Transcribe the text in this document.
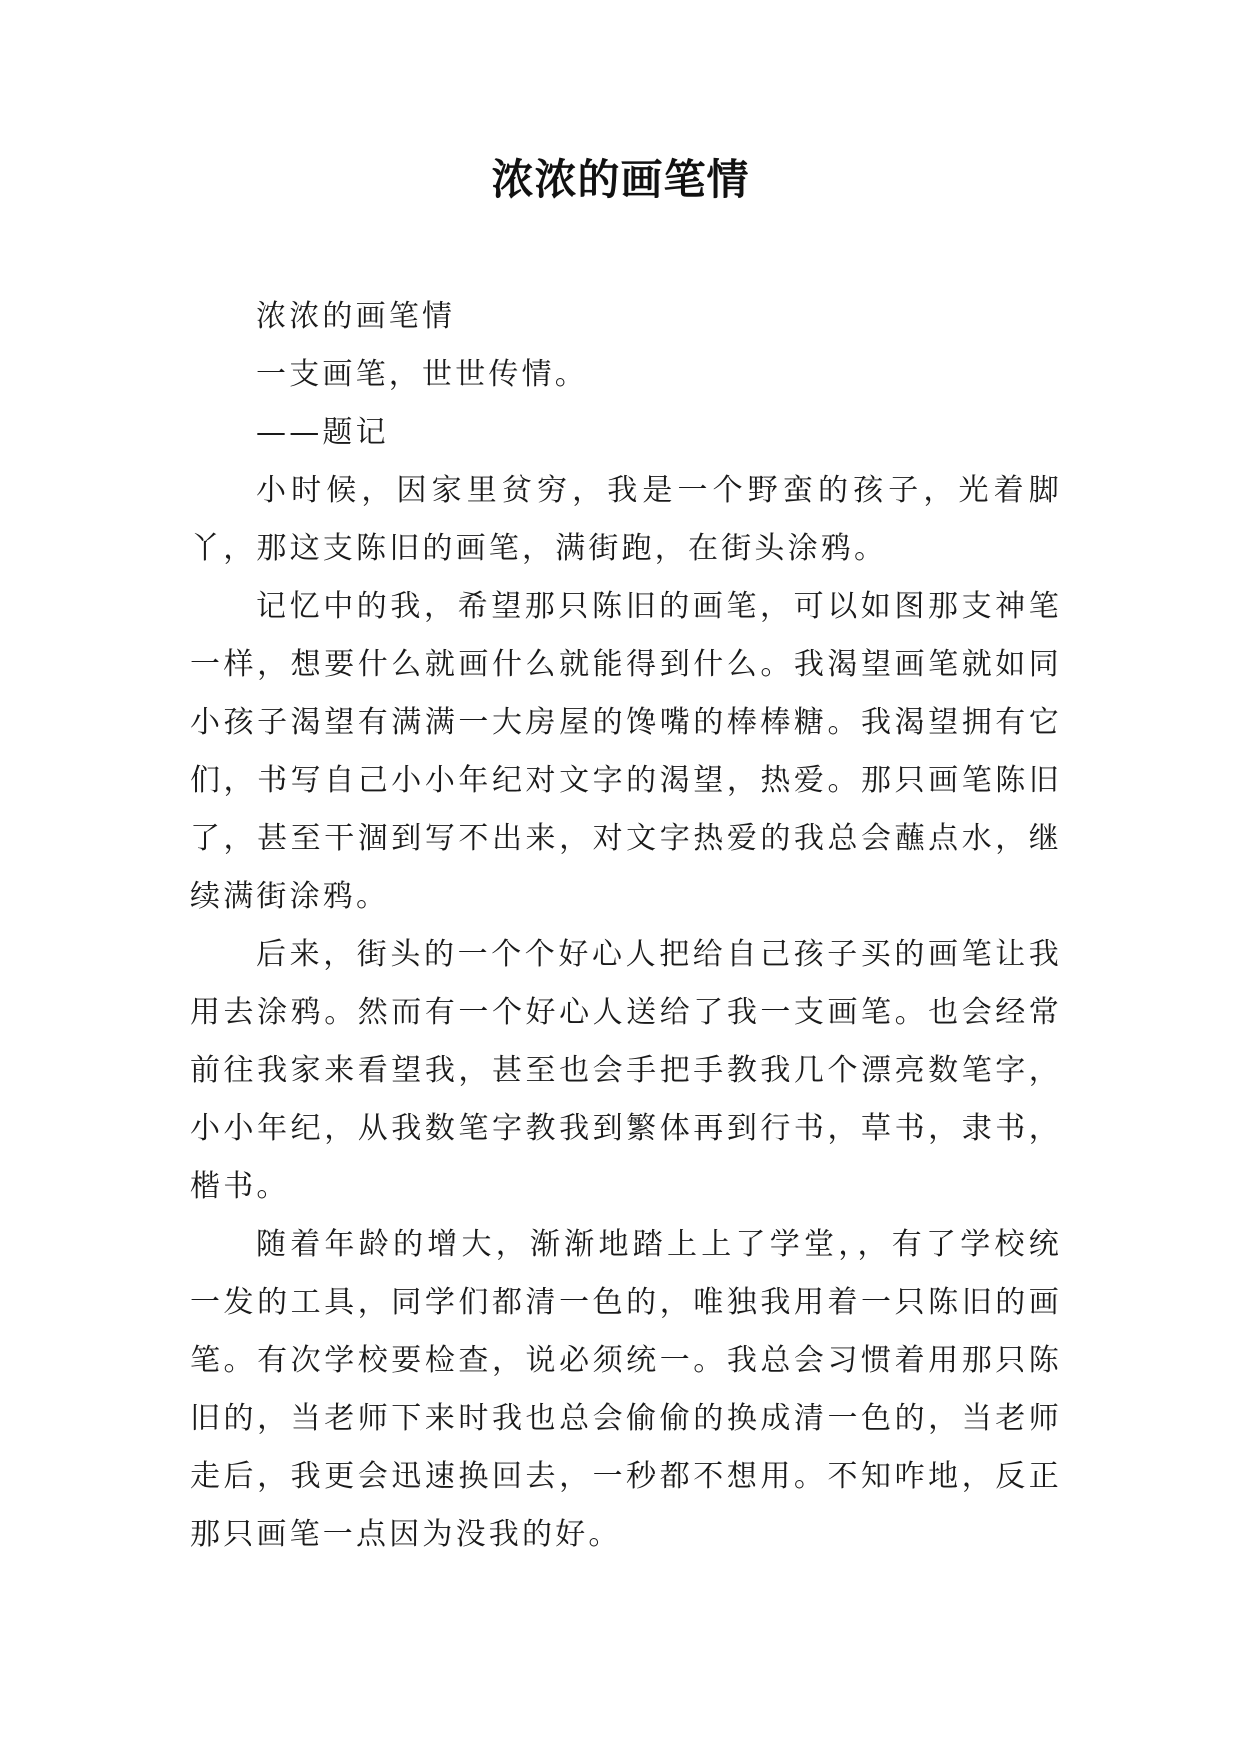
浓浓的画笔情

浓浓的画笔情

一支画笔，世世传情。

——题记

小时候，因家里贫穷，我是一个野蛮的孩子，光着脚丫，那这支陈旧的画笔，满街跑，在街头涂鸦。

记忆中的我，希望那只陈旧的画笔，可以如图那支神笔一样，想要什么就画什么就能得到什么。我渴望画笔就如同小孩子渴望有满满一大房屋的馋嘴的棒棒糖。我渴望拥有它们，书写自己小小年纪对文字的渴望，热爱。那只画笔陈旧了，甚至干涸到写不出来，对文字热爱的我总会蘸点水，继续满街涂鸦。

后来，街头的一个个好心人把给自己孩子买的画笔让我用去涂鸦。然而有一个好心人送给了我一支画笔。也会经常前往我家来看望我，甚至也会手把手教我几个漂亮数笔字，小小年纪，从我数笔字教我到繁体再到行书，草书，隶书，楷书。

随着年龄的增大，渐渐地踏上上了学堂，，有了学校统一发的工具，同学们都清一色的，唯独我用着一只陈旧的画笔。有次学校要检查，说必须统一。我总会习惯着用那只陈旧的，当老师下来时我也总会偷偷的换成清一色的，当老师走后，我更会迅速换回去，一秒都不想用。不知咋地，反正那只画笔一点因为没我的好。
